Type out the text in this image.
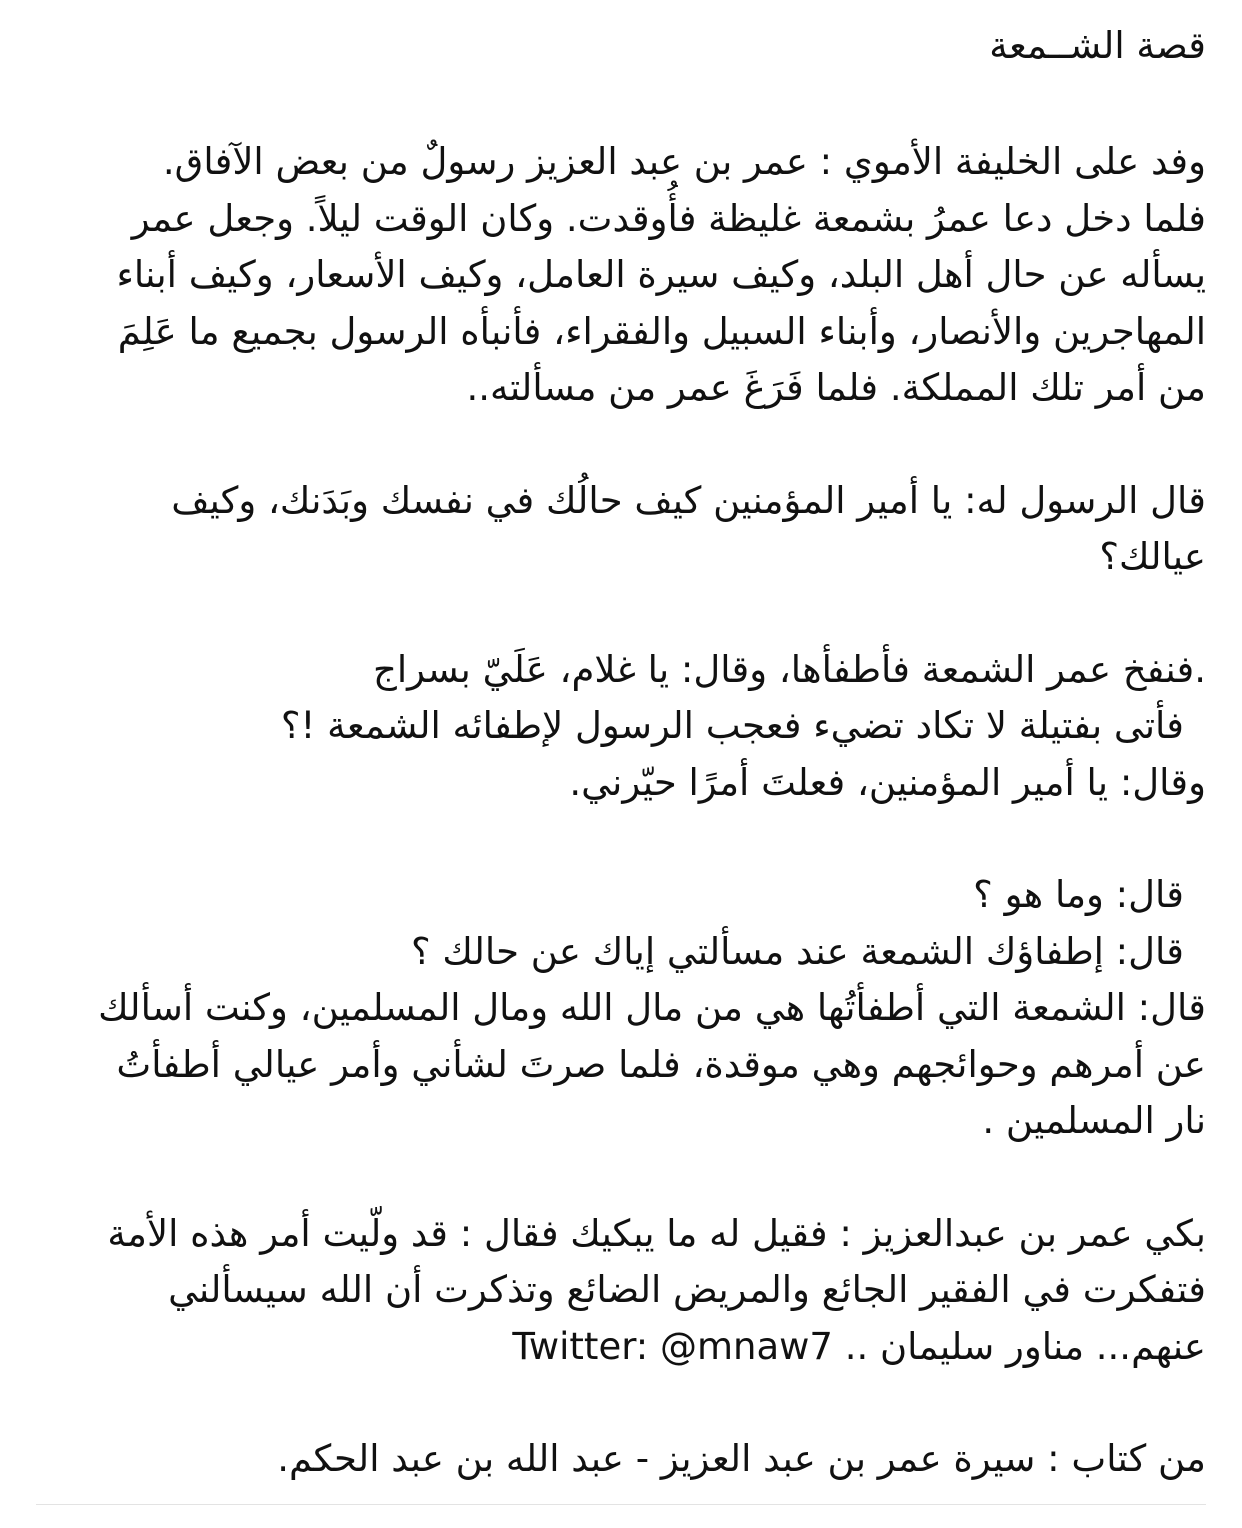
قصة الشــمعة
وفد على الخليفة الأموي : عمر بن عبد العزيز رسولٌ من بعض الآفاق.
فلما دخل دعا عمرُ بشمعة غليظة فأُوقدت. وكان الوقت ليلاً. وجعل عمر
يسأله عن حال أهل البلد، وكيف سيرة العامل، وكيف الأسعار، وكيف أبناء
المهاجرين والأنصار، وأبناء السبيل والفقراء، فأنبأه الرسول بجميع ما عَلِمَ
من أمر تلك المملكة. فلما فَرَغَ عمر من مسألته..
قال الرسول له: يا أمير المؤمنين كيف حالُك في نفسك وبَدَنك، وكيف
عيالك؟
.فنفخ عمر الشمعة فأطفأها، وقال: يا غلام، عَلَيّ بسراج
فأتى بفتيلة لا تكاد تضيء فعجب الرسول لإطفائه الشمعة !؟
وقال: يا أمير المؤمنين، فعلتَ أمرًا حيّرني.
قال: وما هو ؟
قال: إطفاؤك الشمعة عند مسألتي إياك عن حالك ؟
قال: الشمعة التي أطفأتُها هي من مال الله ومال المسلمين، وكنت أسألك
عن أمرهم وحوائجهم وهي موقدة، فلما صرتَ لشأني وأمر عيالي أطفأتُ
نار المسلمين .
بكي عمر بن عبدالعزيز : فقيل له ما يبكيك فقال : قد ولّيت أمر هذه الأمة
فتفكرت في الفقير الجائع والمريض الضائع وتذكرت أن الله سيسألني
عنهم... مناور سليمان .. Twitter: @mnaw7
من كتاب : سيرة عمر بن عبد العزيز - عبد الله بن عبد الحكم.
